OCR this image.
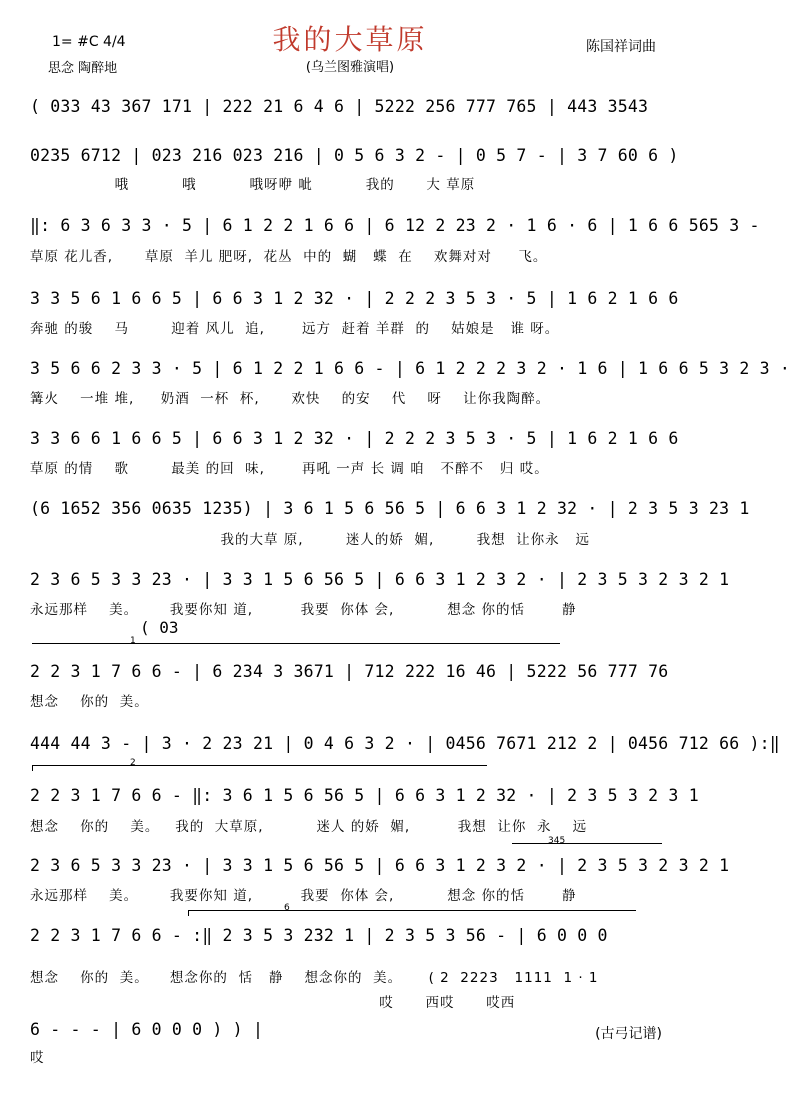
我的大草原
(乌兰图雅演唱)
1= #C 4/4
思念 陶醉地
陈国祥词曲
( 033 43 367 171 | 222 21 6 4 6 | 5222 256 777 765 | 443 3543
0235 6712 | 023 216 023 216 | 0 5 6 3 2 - | 0 5 7 - | 3 7 60 6 )
哦          哦          哦呀咿 呲          我的      大 草原
‖: 6 3 6 3 3 · 5 | 6 1 2 2 1 6 6 | 6 12 2 23 2 · 1 6 · 6 | 1 6 6 565 3 -
草原 花儿香,      草原  羊儿 肥呀,  花丛  中的  蝴   蝶  在    欢舞对对     飞。
3 3 5 6 1 6 6 5 | 6 6 3 1 2 32 · | 2 2 2 3 5 3 · 5 | 1 6 2 1 6 6
奔驰 的骏    马        迎着 风儿  追,       远方  赶着 羊群  的    姑娘是   谁 呀。
3 5 6 6 2 3 3 · 5 | 6 1 2 2 1 6 6 - | 6 1 2 2 2 3 2 · 1 6 | 1 6 6 5 3 2 3 ·
篝火    一堆 堆,     奶酒  一杯  杯,      欢快    的安    代    呀    让你我陶醉。
3 3 6 6 1 6 6 5 | 6 6 3 1 2 32 · | 2 2 2 3 5 3 · 5 | 1 6 2 1 6 6
草原 的情    歌        最美 的回  味,       再吼 一声 长 调 咱   不醉不   归 哎。
(6 1652 356 0635 1235) | 3 6 1 5 6 56 5 | 6 6 3 1 2 32 · | 2 3 5 3 23 1
我的大草 原,        迷人的娇  媚,        我想  让你永   远
2 3 6 5 3 3 23 · | 3 3 1 5 6 56 5 | 6 6 3 1 2 3 2 · | 2 3 5 3 2 3 2 1
永远那样    美。      我要你知 道,         我要  你体 会,          想念 你的恬       静
1
( 03
2 2 3 1 7 6 6 - | 6 234 3 3671 | 712 222 16 46 | 5222 56 777 76
想念    你的  美。
444 44 3 - | 3 · 2 23 21 | 0 4 6 3 2 · | 0456 7671 212 2 | 0456 712 66 ):‖
2
2 2 3 1 7 6 6 - ‖: 3 6 1 5 6 56 5 | 6 6 3 1 2 32 · | 2 3 5 3 2 3 1
想念    你的    美。   我的  大草原,          迷人 的娇  媚,         我想  让你  永    远
345
2 3 6 5 3 3 23 · | 3 3 1 5 6 56 5 | 6 6 3 1 2 3 2 · | 2 3 5 3 2 3 2 1
永远那样    美。      我要你知 道,         我要  你体 会,          想念 你的恬       静
6
2 2 3 1 7 6 6 - :‖ 2 3 5 3 232 1 | 2 3 5 3 56 - | 6 0 0 0
想念    你的  美。    想念你的  恬   静    想念你的  美。     ( 2  2223   1111  1 · 1
哎      西哎      哎西
6 - - - | 6 0 0 0 ) ) |
哎
(古弓记谱)
